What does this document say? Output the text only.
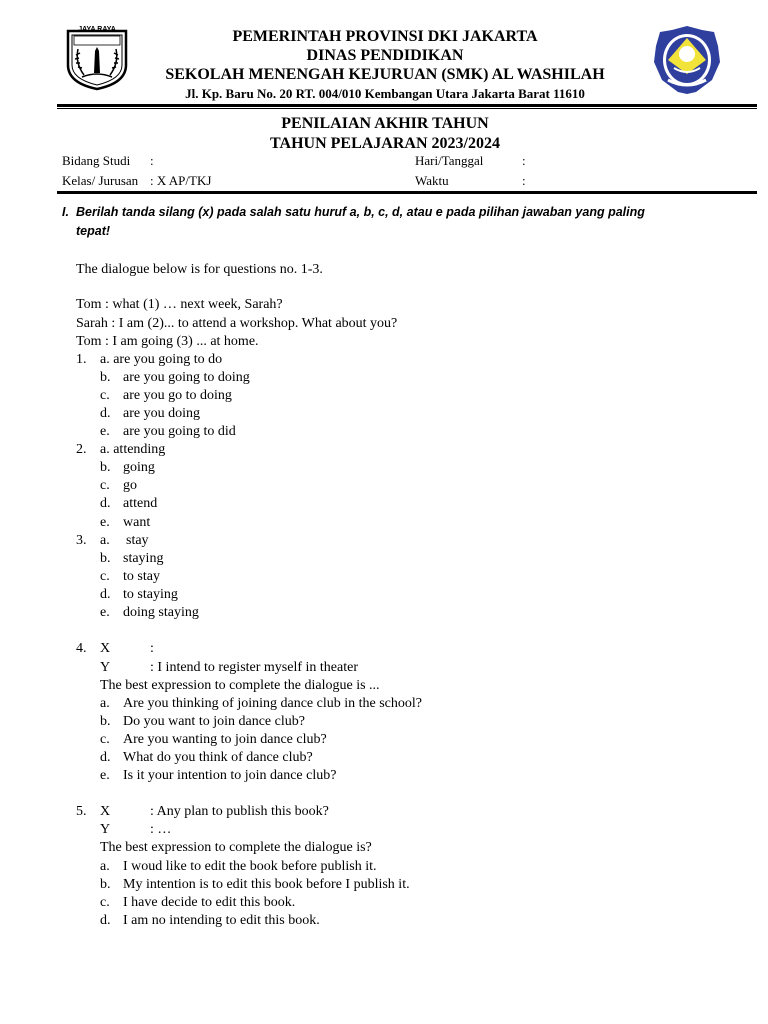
JAYA RAYA	PEMERINTAH PROVINSI DKI JAKARTA
DINAS PENDIDIKAN
SEKOLAH MENENGAH KEJURUAN (SMK) AL WASHILAH
Jl. Kp. Baru No. 20 RT. 004/010 Kembangan Utara Jakarta Barat 11610
PENILAIAN AKHIR TAHUN
TAHUN PELAJARAN 2023/2024
Bidang Studi :
Kelas/ Jurusan : X AP/TKJ
Hari/Tanggal	:
Waktu	:
I. Berilah tanda silang (x) pada salah satu huruf a, b, c, d, atau e pada pilihan jawaban yang paling tepat!
The dialogue below is for questions no. 1-3.
Tom : what (1) … next week, Sarah?
Sarah : I am (2)... to attend a workshop. What about you?
Tom : I am going (3) ... at home.
1. a. are you going to do
b. are you going to doing
c. are you go to doing
d. are you doing
e. are you going to did
2. a. attending
b. going
c. go
d. attend
e. want
3. a. stay
b. staying
c. to stay
d. to staying
e. doing staying
4. X	:
Y	: I intend to register myself in theater
The best expression to complete the dialogue is ...
a. Are you thinking of joining dance club in the school?
b. Do you want to join dance club?
c. Are you wanting to join dance club?
d. What do you think of dance club?
e. Is it your intention to join dance club?
5. X	: Any plan to publish this book?
Y	: …
The best expression to complete the dialogue is?
a. I woud like to edit the book before publish it.
b. My intention is to edit this book before I publish it.
c. I have decide to edit this book.
d. I am no intending to edit this book.
